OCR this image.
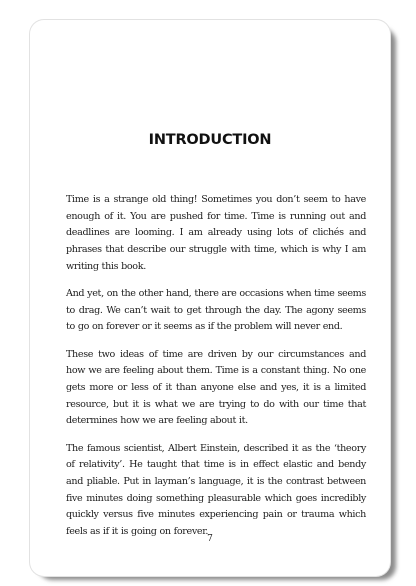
INTRODUCTION

Time is a strange old thing! Sometimes you don’t seem to have enough of it. You are pushed for time. Time is running out and deadlines are looming. I am already using lots of clichés and phrases that describe our struggle with time, which is why I am writing this book.

And yet, on the other hand, there are occasions when time seems to drag. We can’t wait to get through the day. The agony seems to go on forever or it seems as if the problem will never end.

These two ideas of time are driven by our circumstances and how we are feeling about them. Time is a constant thing. No one gets more or less of it than anyone else and yes, it is a limited resource, but it is what we are trying to do with our time that determines how we are feeling about it.

The famous scientist, Albert Einstein, described it as the ‘theory of relativity’. He taught that time is in effect elastic and bendy and pliable. Put in layman’s language, it is the contrast between five minutes doing something pleasurable which goes incredibly quickly versus five minutes experiencing pain or trauma which feels as if it is going on forever.

7
